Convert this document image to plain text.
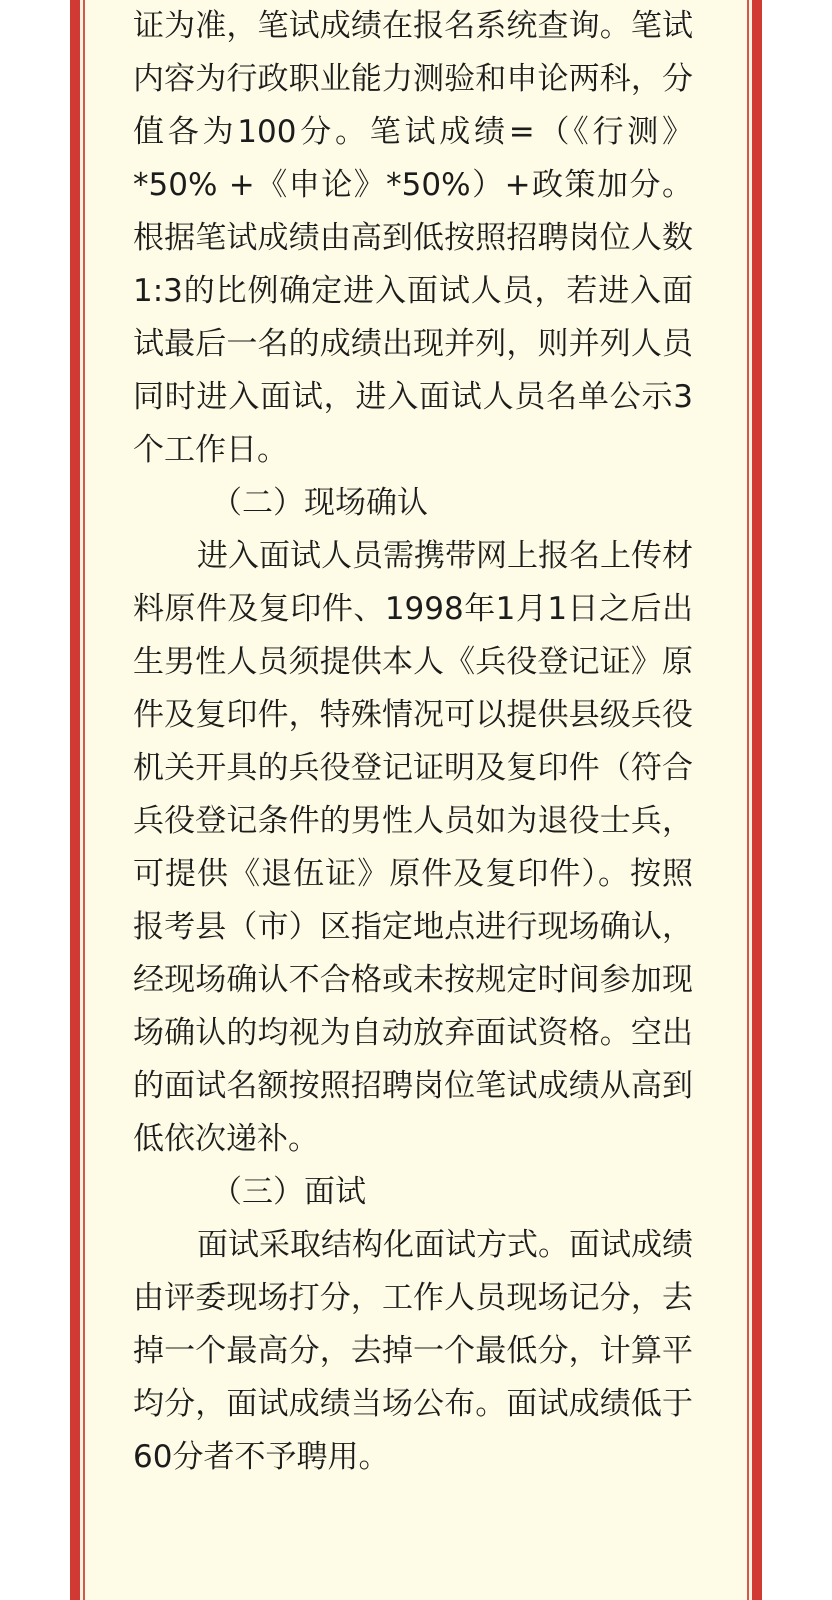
证为准，笔试成绩在报名系统查询。笔试内容为行政职业能力测验和申论两科，分值各为100分。笔试成绩=（《行测》*50% +《申论》*50%）+政策加分。根据笔试成绩由高到低按照招聘岗位人数1:3的比例确定进入面试人员，若进入面试最后一名的成绩出现并列，则并列人员同时进入面试，进入面试人员名单公示3个工作日。

（二）现场确认

进入面试人员需携带网上报名上传材料原件及复印件、1998年1月1日之后出生男性人员须提供本人《兵役登记证》原件及复印件，特殊情况可以提供县级兵役机关开具的兵役登记证明及复印件（符合兵役登记条件的男性人员如为退役士兵，可提供《退伍证》原件及复印件）。按照报考县（市）区指定地点进行现场确认，经现场确认不合格或未按规定时间参加现场确认的均视为自动放弃面试资格。空出的面试名额按照招聘岗位笔试成绩从高到低依次递补。

（三）面试

面试采取结构化面试方式。面试成绩由评委现场打分，工作人员现场记分，去掉一个最高分，去掉一个最低分，计算平均分，面试成绩当场公布。面试成绩低于60分者不予聘用。
